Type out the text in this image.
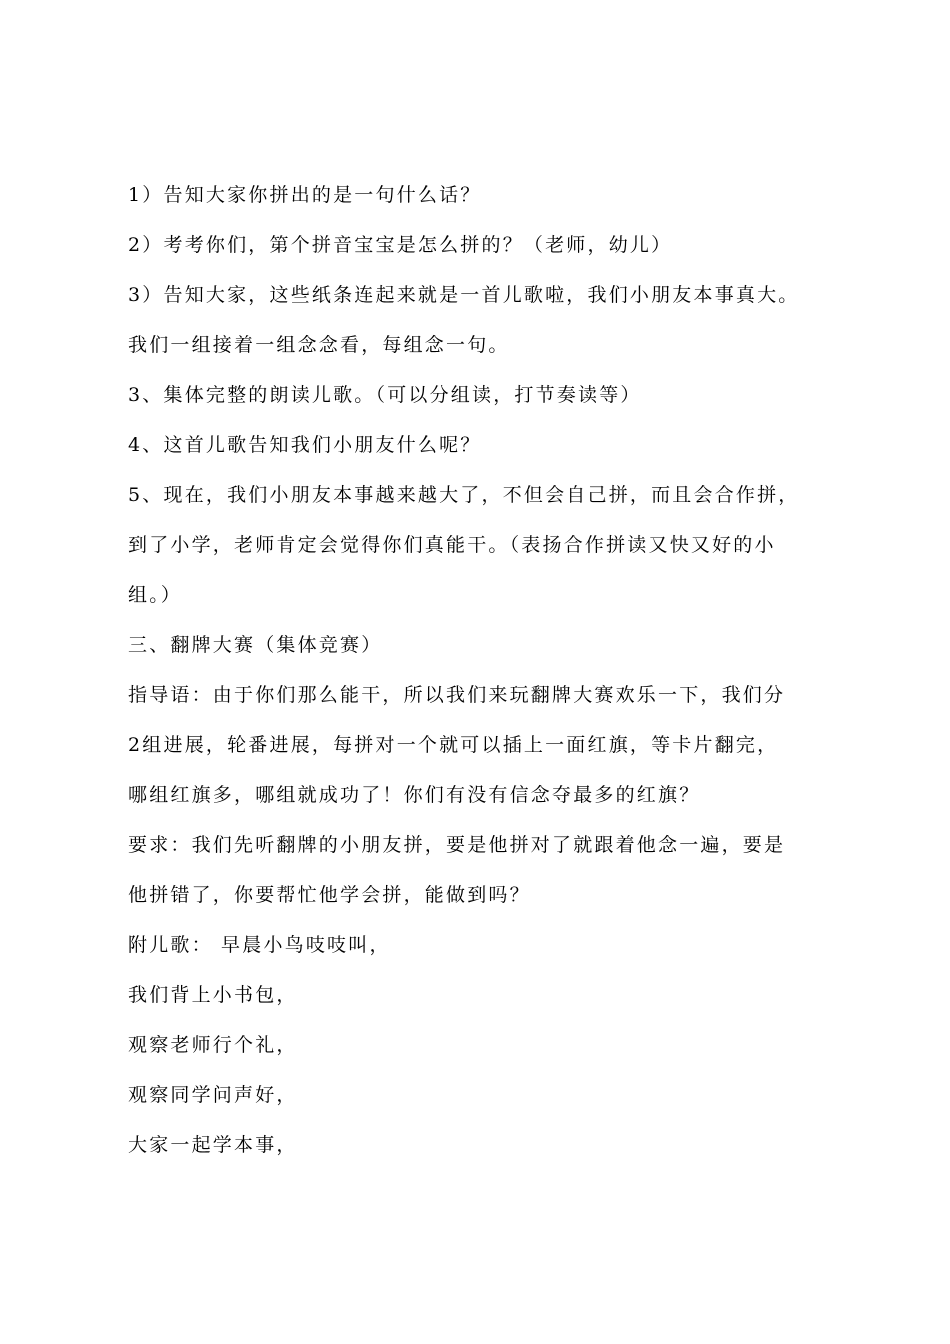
1）告知大家你拼出的是一句什么话？
2）考考你们，第个拼音宝宝是怎么拼的？（老师，幼儿）
3）告知大家，这些纸条连起来就是一首儿歌啦，我们小朋友本事真大。
我们一组接着一组念念看，每组念一句。
3、集体完整的朗读儿歌。（可以分组读，打节奏读等）
4、这首儿歌告知我们小朋友什么呢？
5、现在，我们小朋友本事越来越大了，不但会自己拼，而且会合作拼，
到了小学，老师肯定会觉得你们真能干。（表扬合作拼读又快又好的小
组。）
三、翻牌大赛（集体竞赛）
指导语：由于你们那么能干，所以我们来玩翻牌大赛欢乐一下，我们分
2组进展，轮番进展，每拼对一个就可以插上一面红旗，等卡片翻完，
哪组红旗多，哪组就成功了！你们有没有信念夺最多的红旗？
要求：我们先听翻牌的小朋友拼，要是他拼对了就跟着他念一遍，要是
他拼错了，你要帮忙他学会拼，能做到吗？
附儿歌： 早晨小鸟吱吱叫，
我们背上小书包，
观察老师行个礼，
观察同学问声好，
大家一起学本事，
